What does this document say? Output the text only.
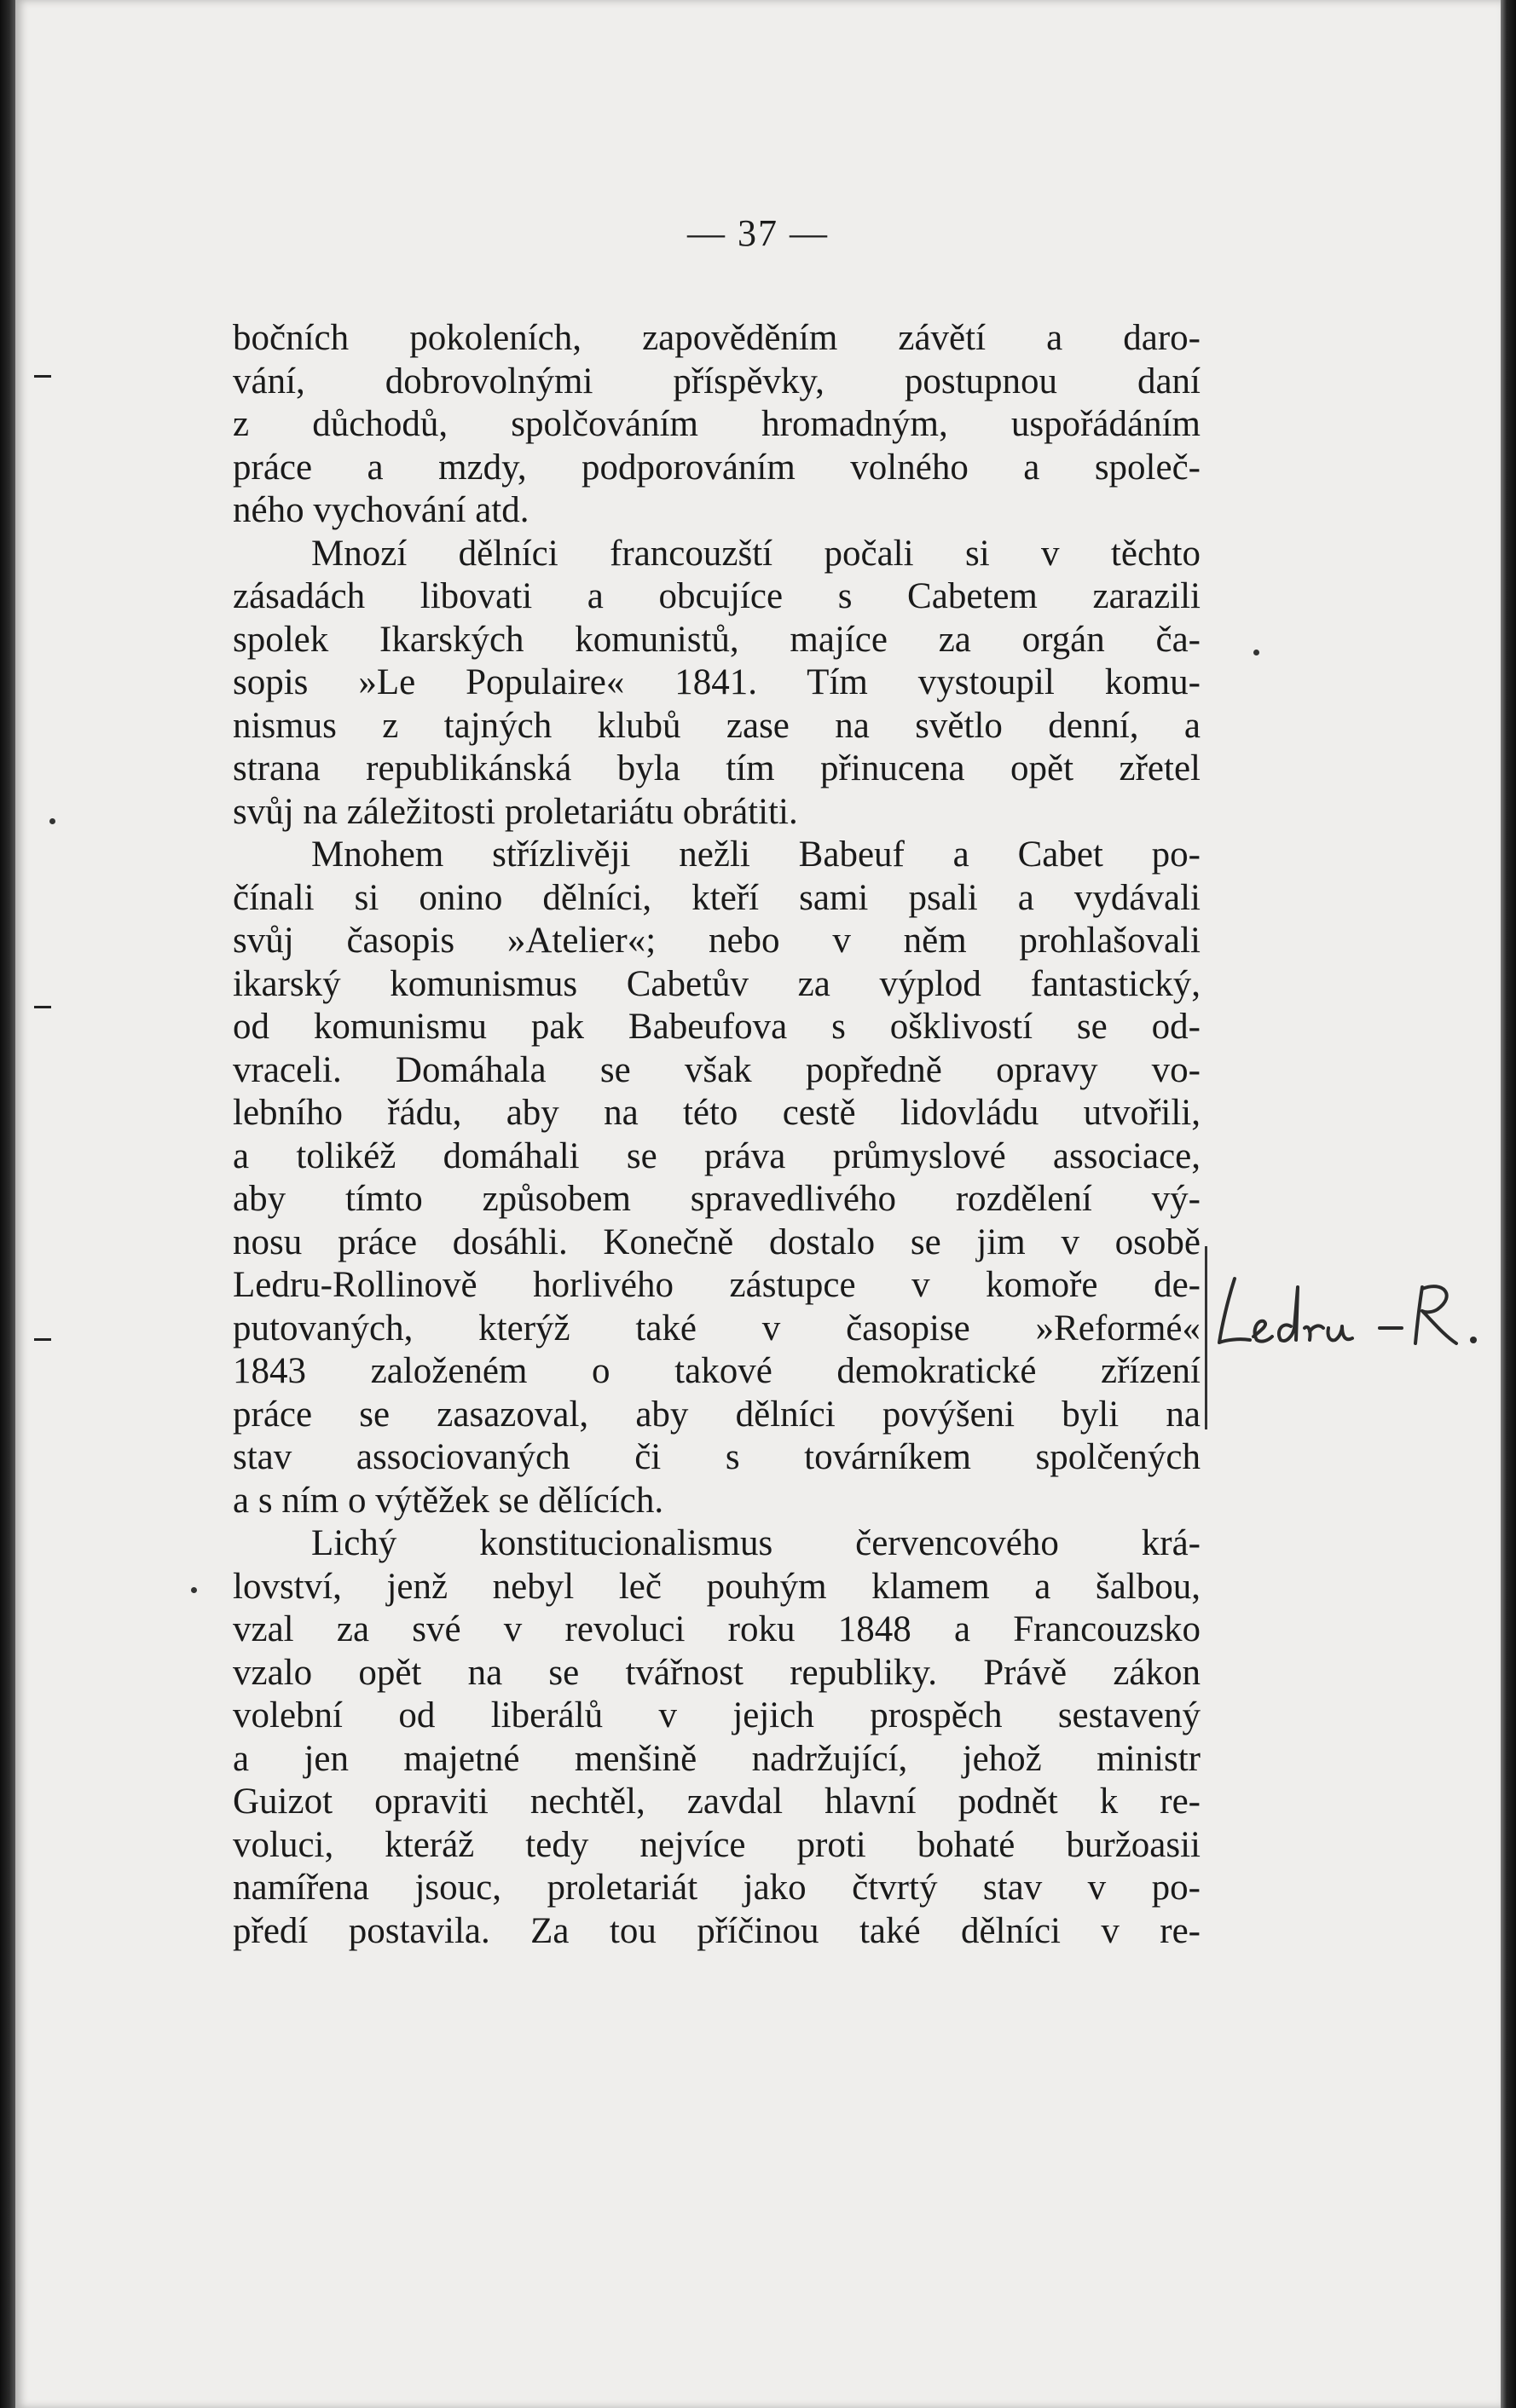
— 37 —
bočních pokoleních, zapověděním závětí a daro-
vání, dobrovolnými příspěvky, postupnou daní
z důchodů, spolčováním hromadným, uspořádáním
práce a mzdy, podporováním volného a společ-
ného vychování atd.
Mnozí dělníci francouzští počali si v těchto
zásadách libovati a obcujíce s Cabetem zarazili
spolek Ikarských komunistů, majíce za orgán ča-
sopis »Le Populaire« 1841. Tím vystoupil komu-
nismus z tajných klubů zase na světlo denní, a
strana republikánská byla tím přinucena opět zřetel
svůj na záležitosti proletariátu obrátiti.
Mnohem střízlivěji nežli Babeuf a Cabet po-
čínali si onino dělníci, kteří sami psali a vydávali
svůj časopis »Atelier«; nebo v něm prohlašovali
ikarský komunismus Cabetův za výplod fantastický,
od komunismu pak Babeufova s ošklivostí se od-
vraceli. Domáhala se však popředně opravy vo-
lebního řádu, aby na této cestě lidovládu utvořili,
a tolikéž domáhali se práva průmyslové associace,
aby tímto způsobem spravedlivého rozdělení vý-
nosu práce dosáhli. Konečně dostalo se jim v osobě
Ledru-Rollinově horlivého zástupce v komoře de-
putovaných, kterýž také v časopise »Reformé«
1843 založeném o takové demokratické zřízení
práce se zasazoval, aby dělníci povýšeni byli na
stav associovaných či s továrníkem spolčených
a s ním o výtěžek se dělících.
Lichý konstitucionalismus červencového krá-
lovství, jenž nebyl leč pouhým klamem a šalbou,
vzal za své v revoluci roku 1848 a Francouzsko
vzalo opět na se tvářnost republiky. Právě zákon
volební od liberálů v jejich prospěch sestavený
a jen majetné menšině nadržující, jehož ministr
Guizot opraviti nechtěl, zavdal hlavní podnět k re-
voluci, kteráž tedy nejvíce proti bohaté buržoasii
namířena jsouc, proletariát jako čtvrtý stav v po-
předí postavila. Za tou příčinou také dělníci v re-
